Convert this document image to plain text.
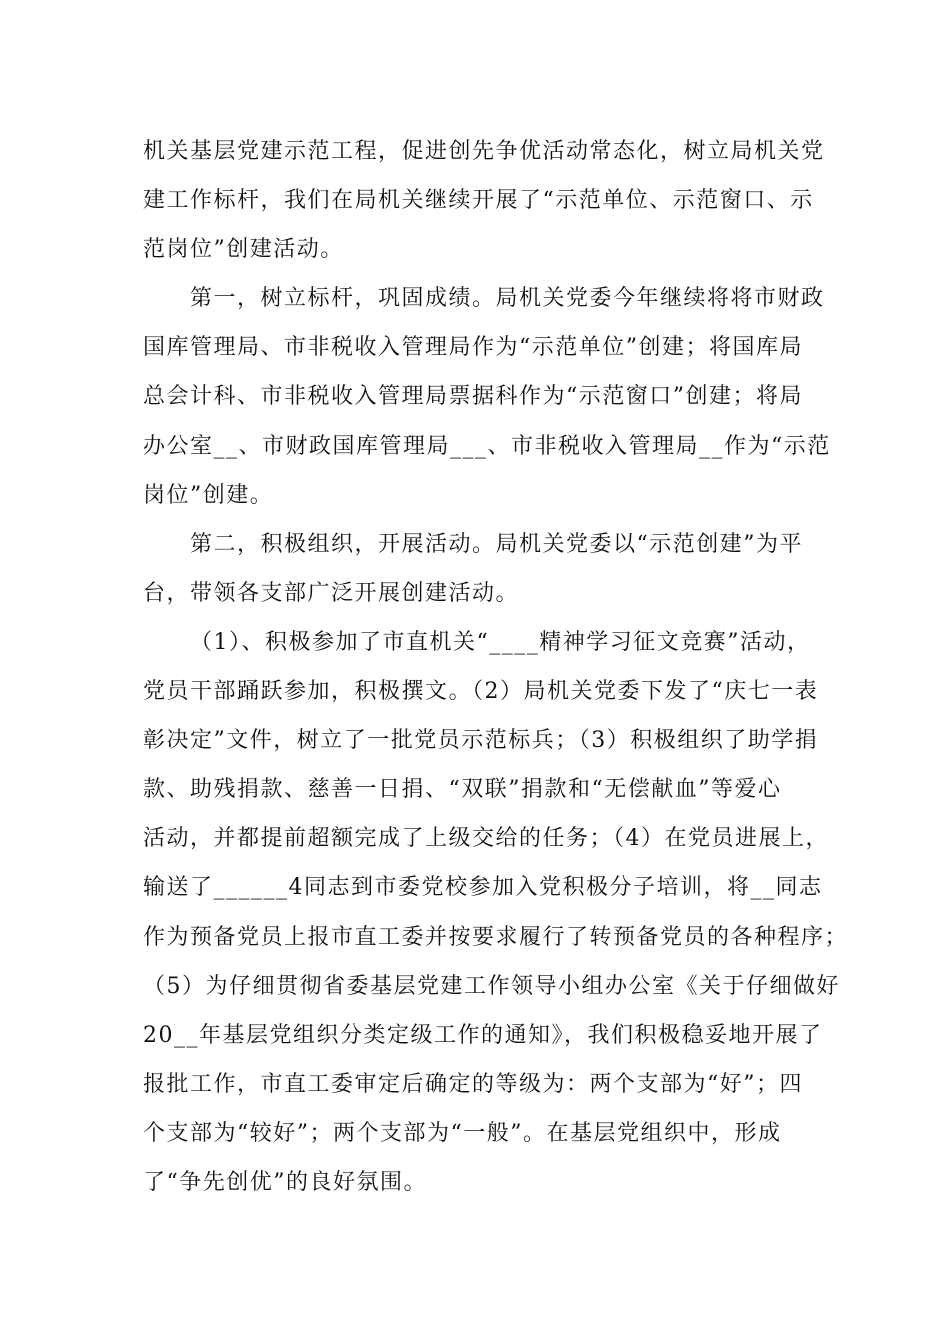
机关基层党建示范工程，促进创先争优活动常态化，树立局机关党
建工作标杆，我们在局机关继续开展了“示范单位、示范窗口、示
范岗位”创建活动。
第一，树立标杆，巩固成绩。局机关党委今年继续将将市财政
国库管理局、市非税收入管理局作为“示范单位”创建；将国库局
总会计科、市非税收入管理局票据科作为“示范窗口”创建；将局
办公室__、市财政国库管理局___、市非税收入管理局__作为“示范
岗位”创建。
第二，积极组织，开展活动。局机关党委以“示范创建”为平
台，带领各支部广泛开展创建活动。
（1）、积极参加了市直机关“____精神学习征文竞赛”活动，
党员干部踊跃参加，积极撰文。（2）局机关党委下发了“庆七一表
彰决定”文件，树立了一批党员示范标兵；（3）积极组织了助学捐
款、助残捐款、慈善一日捐、“双联”捐款和“无偿献血”等爱心
活动，并都提前超额完成了上级交给的任务；（4）在党员进展上，
输送了______4同志到市委党校参加入党积极分子培训，将__同志
作为预备党员上报市直工委并按要求履行了转预备党员的各种程序；
（5）为仔细贯彻省委基层党建工作领导小组办公室《关于仔细做好
20__年基层党组织分类定级工作的通知》，我们积极稳妥地开展了
报批工作，市直工委审定后确定的等级为：两个支部为“好”；四
个支部为“较好”；两个支部为“一般”。在基层党组织中，形成
了“争先创优”的良好氛围。
